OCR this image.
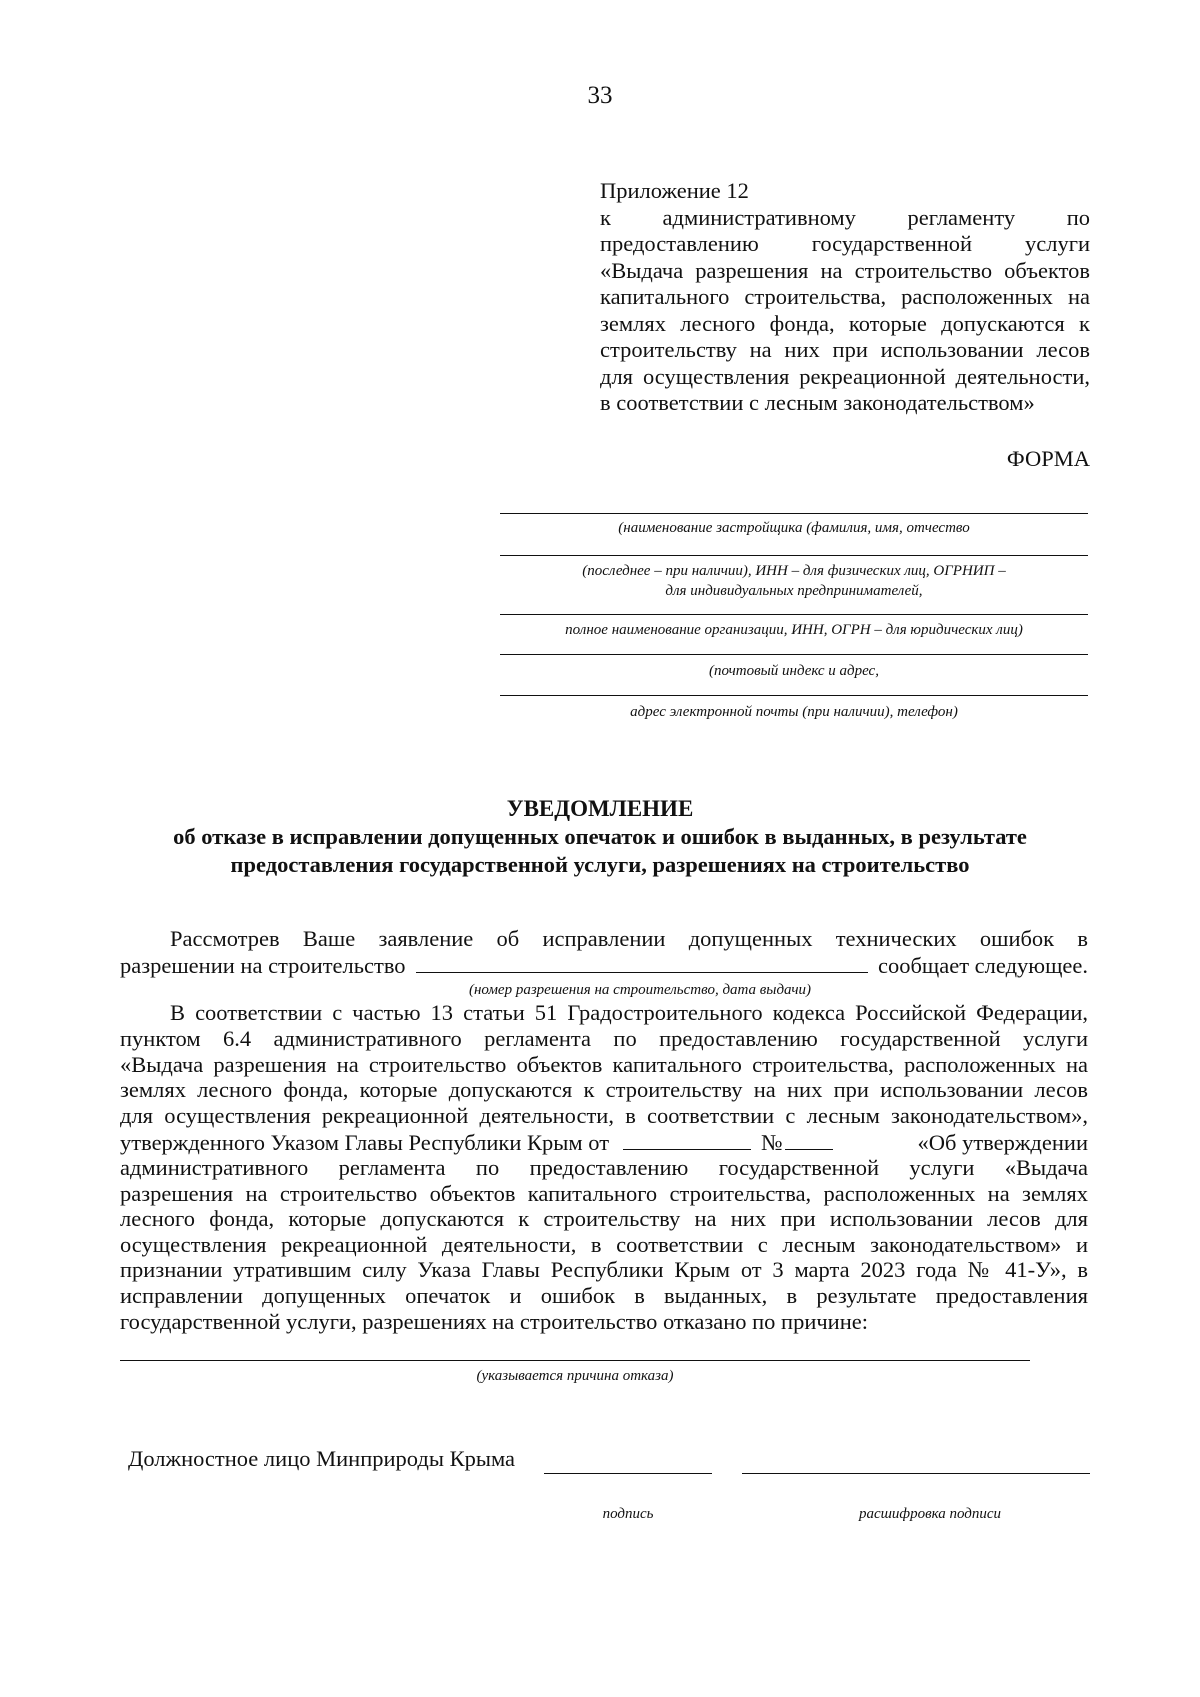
33
Приложение 12
к административному регламенту по
предоставлению государственной услуги
«Выдача разрешения на строительство объектов
капитального строительства, расположенных на
землях лесного фонда, которые допускаются к
строительству на них при использовании лесов
для осуществления рекреационной деятельности,
в соответствии с лесным законодательством»
ФОРМА
(наименование застройщика (фамилия, имя, отчество
(последнее – при наличии), ИНН – для физических лиц, ОГРНИП –
для индивидуальных предпринимателей,
полное наименование организации, ИНН, ОГРН – для юридических лиц)
(почтовый индекс и адрес,
адрес электронной почты (при наличии), телефон)
УВЕДОМЛЕНИЕ
об отказе в исправлении допущенных опечаток и ошибок в выданных, в результате
предоставления государственной услуги, разрешениях на строительство
Рассмотрев Ваше заявление об исправлении допущенных технических ошибок в
разрешении на строительство	сообщает следующее.
(номер разрешения на строительство, дата выдачи)
В соответствии с частью 13 статьи 51 Градостроительного кодекса Российской Федерации,
пунктом 6.4 административного регламента по предоставлению государственной услуги
«Выдача разрешения на строительство объектов капитального строительства, расположенных на
землях лесного фонда, которые допускаются к строительству на них при использовании лесов
для осуществления рекреационной деятельности, в соответствии с лесным законодательством»,
утвержденного Указом Главы Республики Крым от	№	«Об утверждении
административного регламента по предоставлению государственной услуги «Выдача
разрешения на строительство объектов капитального строительства, расположенных на землях
лесного фонда, которые допускаются к строительству на них при использовании лесов для
осуществления рекреационной деятельности, в соответствии с лесным законодательством» и
признании утратившим силу Указа Главы Республики Крым от 3 марта 2023 года № 41-У», в
исправлении допущенных опечаток и ошибок в выданных, в результате предоставления
государственной услуги, разрешениях на строительство отказано по причине:
(указывается причина отказа)
Должностное лицо Минприроды Крыма
подпись	расшифровка подписи
